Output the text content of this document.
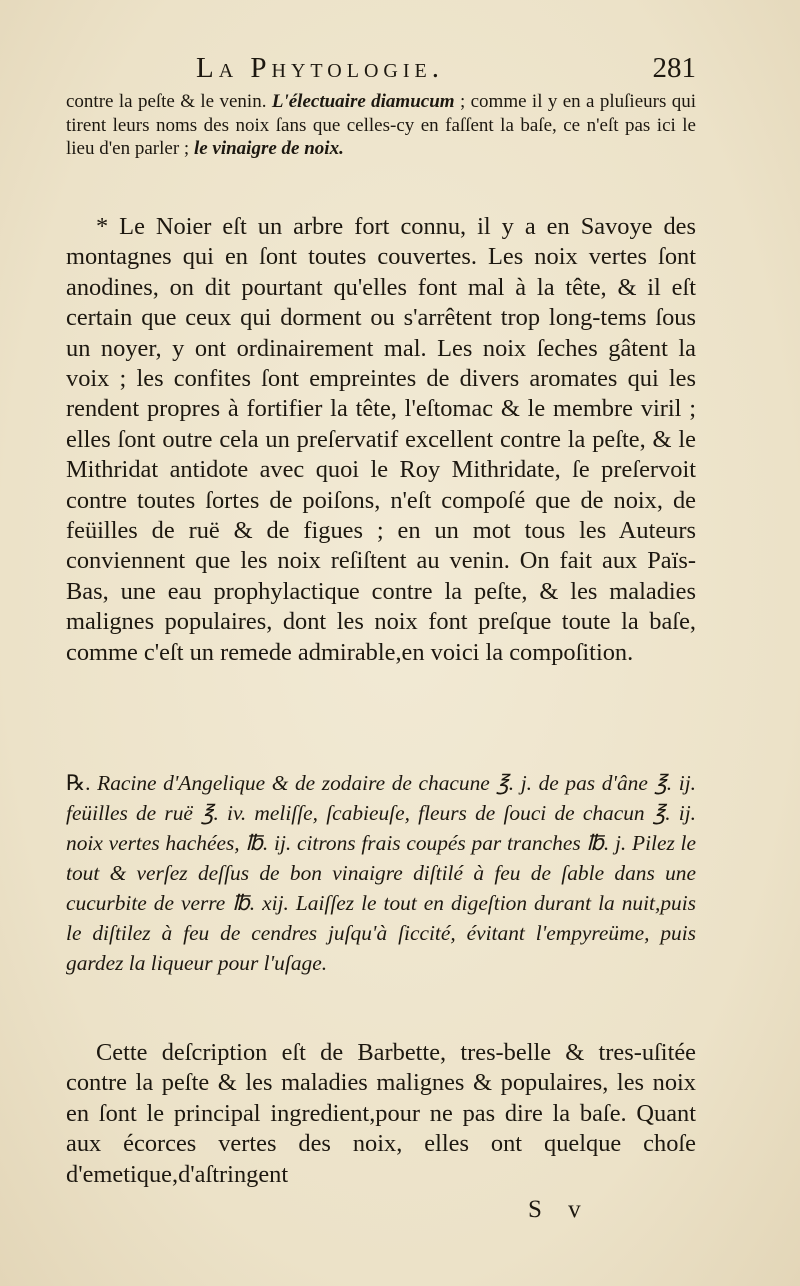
La Phytologie.	281
contre la peſte & le venin. L'électuaire diamucum ; comme il y en a pluſieurs qui tirent leurs noms des noix ſans que celles-cy en faſſent la baſe, ce n'eſt pas ici le lieu d'en parler ; le vinaigre de noix.
* Le Noier eſt un arbre fort connu, il y a en Savoye des montagnes qui en ſont toutes couvertes. Les noix vertes ſont anodines, on dit pourtant qu'elles font mal à la tête, & il eſt certain que ceux qui dorment ou s'arrêtent trop long-tems ſous un noyer, y ont ordinairement mal. Les noix ſeches gâtent la voix ; les confites ſont empreintes de divers aromates qui les rendent propres à fortifier la tête, l'eſtomac & le membre viril ; elles ſont outre cela un preſervatif excellent contre la peſte, & le Mithridat antidote avec quoi le Roy Mithridate, ſe preſervoit contre toutes ſortes de poiſons, n'eſt compoſé que de noix, de feüilles de ruë & de figues ; en un mot tous les Auteurs conviennent que les noix reſiſtent au venin. On fait aux Païs-Bas, une eau prophylactique contre la peſte, & les maladies malignes populaires, dont les noix font preſque toute la baſe, comme c'eſt un remede admirable,en voici la compoſition.
℞. Racine d'Angelique & de zodaire de chacune ℥. j. de pas d'âne ℥. ij. feüilles de ruë ℥. iv. meliſſe, ſcabieuſe, fleurs de ſouci de chacun ℥. ij. noix vertes hachées, ℔. ij. citrons frais coupés par tranches ℔. j. Pilez le tout & verſez deſſus de bon vinaigre diſtilé à feu de ſable dans une cucurbite de verre ℔. xij. Laiſſez le tout en digeſtion durant la nuit,puis le diſtilez à feu de cendres juſqu'à ſiccité, évitant l'empyreüme, puis gardez la liqueur pour l'uſage.
Cette deſcription eſt de Barbette, tres-belle & tres-uſitée contre la peſte & les maladies malignes & populaires, les noix en ſont le principal ingredient,pour ne pas dire la baſe. Quant aux écorces vertes des noix, elles ont quelque choſe d'emetique,d'aſtringent
S v
